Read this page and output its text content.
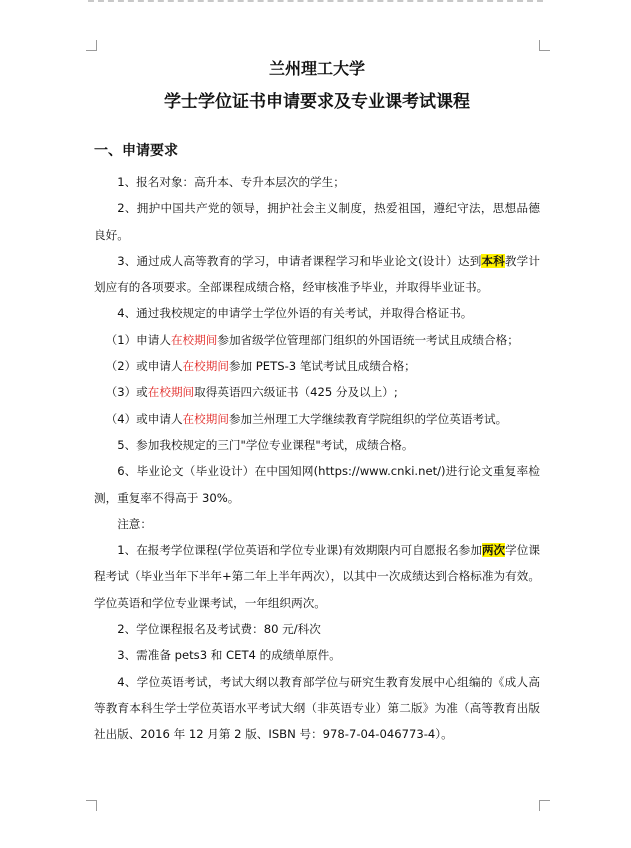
兰州理工大学

学士学位证书申请要求及专业课考试课程

一、申请要求

1、报名对象：高升本、专升本层次的学生；

2、拥护中国共产党的领导，拥护社会主义制度，热爱祖国，遵纪守法，思想品德良好。

3、通过成人高等教育的学习，申请者课程学习和毕业论文(设计）达到本科教学计划应有的各项要求。全部课程成绩合格，经审核准予毕业，并取得毕业证书。

4、通过我校规定的申请学士学位外语的有关考试，并取得合格证书。

（1）申请人在校期间参加省级学位管理部门组织的外国语统一考试且成绩合格；

（2）或申请人在校期间参加 PETS-3 笔试考试且成绩合格；

（3）或在校期间取得英语四六级证书（425 分及以上）;

（4）或申请人在校期间参加兰州理工大学继续教育学院组织的学位英语考试。

5、参加我校规定的三门"学位专业课程"考试，成绩合格。

6、毕业论文（毕业设计）在中国知网(https://www.cnki.net/)进行论文重复率检测，重复率不得高于 30%。

注意：

1、在报考学位课程(学位英语和学位专业课)有效期限内可自愿报名参加两次学位课程考试（毕业当年下半年+第二年上半年两次），以其中一次成绩达到合格标准为有效。学位英语和学位专业课考试，一年组织两次。

2、学位课程报名及考试费：80 元/科次

3、需准备 pets3 和 CET4 的成绩单原件。

4、学位英语考试，考试大纲以教育部学位与研究生教育发展中心组编的《成人高等教育本科生学士学位英语水平考试大纲（非英语专业）第二版》为准（高等教育出版社出版、2016 年 12 月第 2 版、ISBN 号：978-7-04-046773-4）。
